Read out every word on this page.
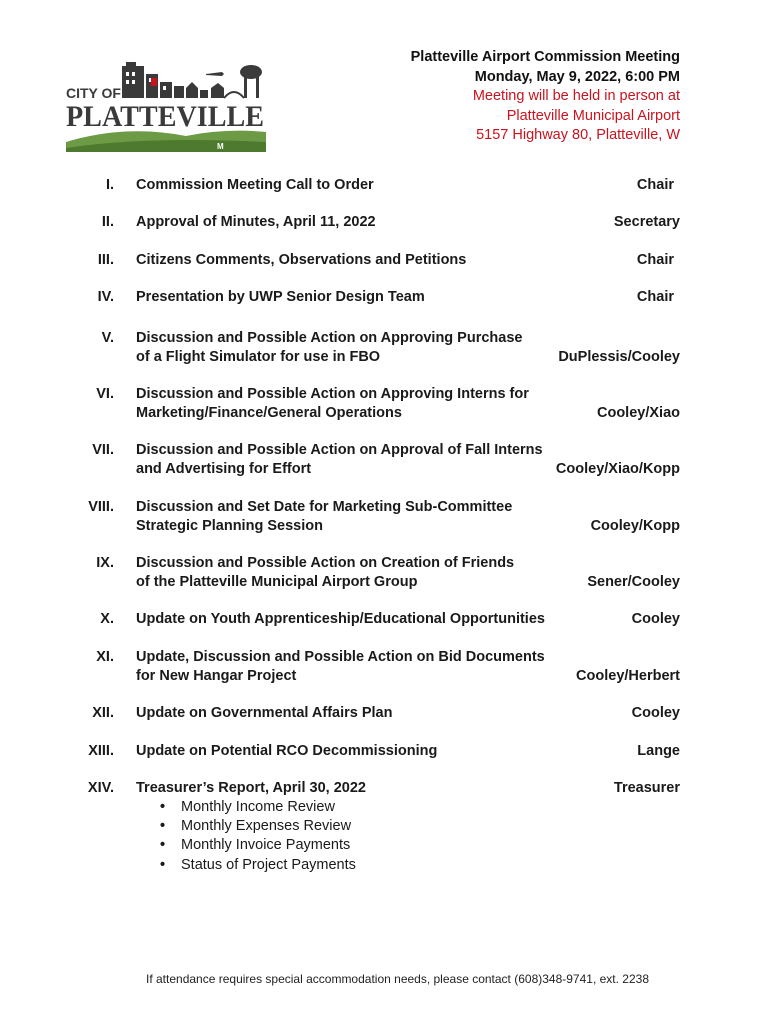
CITY OF
PLATTEVILLE
M
Platteville Airport Commission Meeting
Monday, May 9, 2022, 6:00 PM
Meeting will be held in person at
Platteville Municipal Airport
5157 Highway 80, Platteville, W
I. Commission Meeting Call to Order	Chair
II. Approval of Minutes, April 11, 2022	Secretary
III. Citizens Comments, Observations and Petitions	Chair
IV. Presentation by UWP Senior Design Team	Chair
V. Discussion and Possible Action on Approving Purchase
of a Flight Simulator for use in FBO	DuPlessis/Cooley
VI. Discussion and Possible Action on Approving Interns for
Marketing/Finance/General Operations	Cooley/Xiao
VII. Discussion and Possible Action on Approval of Fall Interns
and Advertising for Effort	Cooley/Xiao/Kopp
VIII. Discussion and Set Date for Marketing Sub-Committee
Strategic Planning Session	Cooley/Kopp
IX. Discussion and Possible Action on Creation of Friends
of the Platteville Municipal Airport Group	Sener/Cooley
X. Update on Youth Apprenticeship/Educational Opportunities	Cooley
XI. Update, Discussion and Possible Action on Bid Documents
for New Hangar Project	Cooley/Herbert
XII. Update on Governmental Affairs Plan	Cooley
XIII. Update on Potential RCO Decommissioning	Lange
XIV. Treasurer’s Report, April 30, 2022	Treasurer
• Monthly Income Review
• Monthly Expenses Review
• Monthly Invoice Payments
• Status of Project Payments
If attendance requires special accommodation needs, please contact (608)348-9741, ext. 2238
